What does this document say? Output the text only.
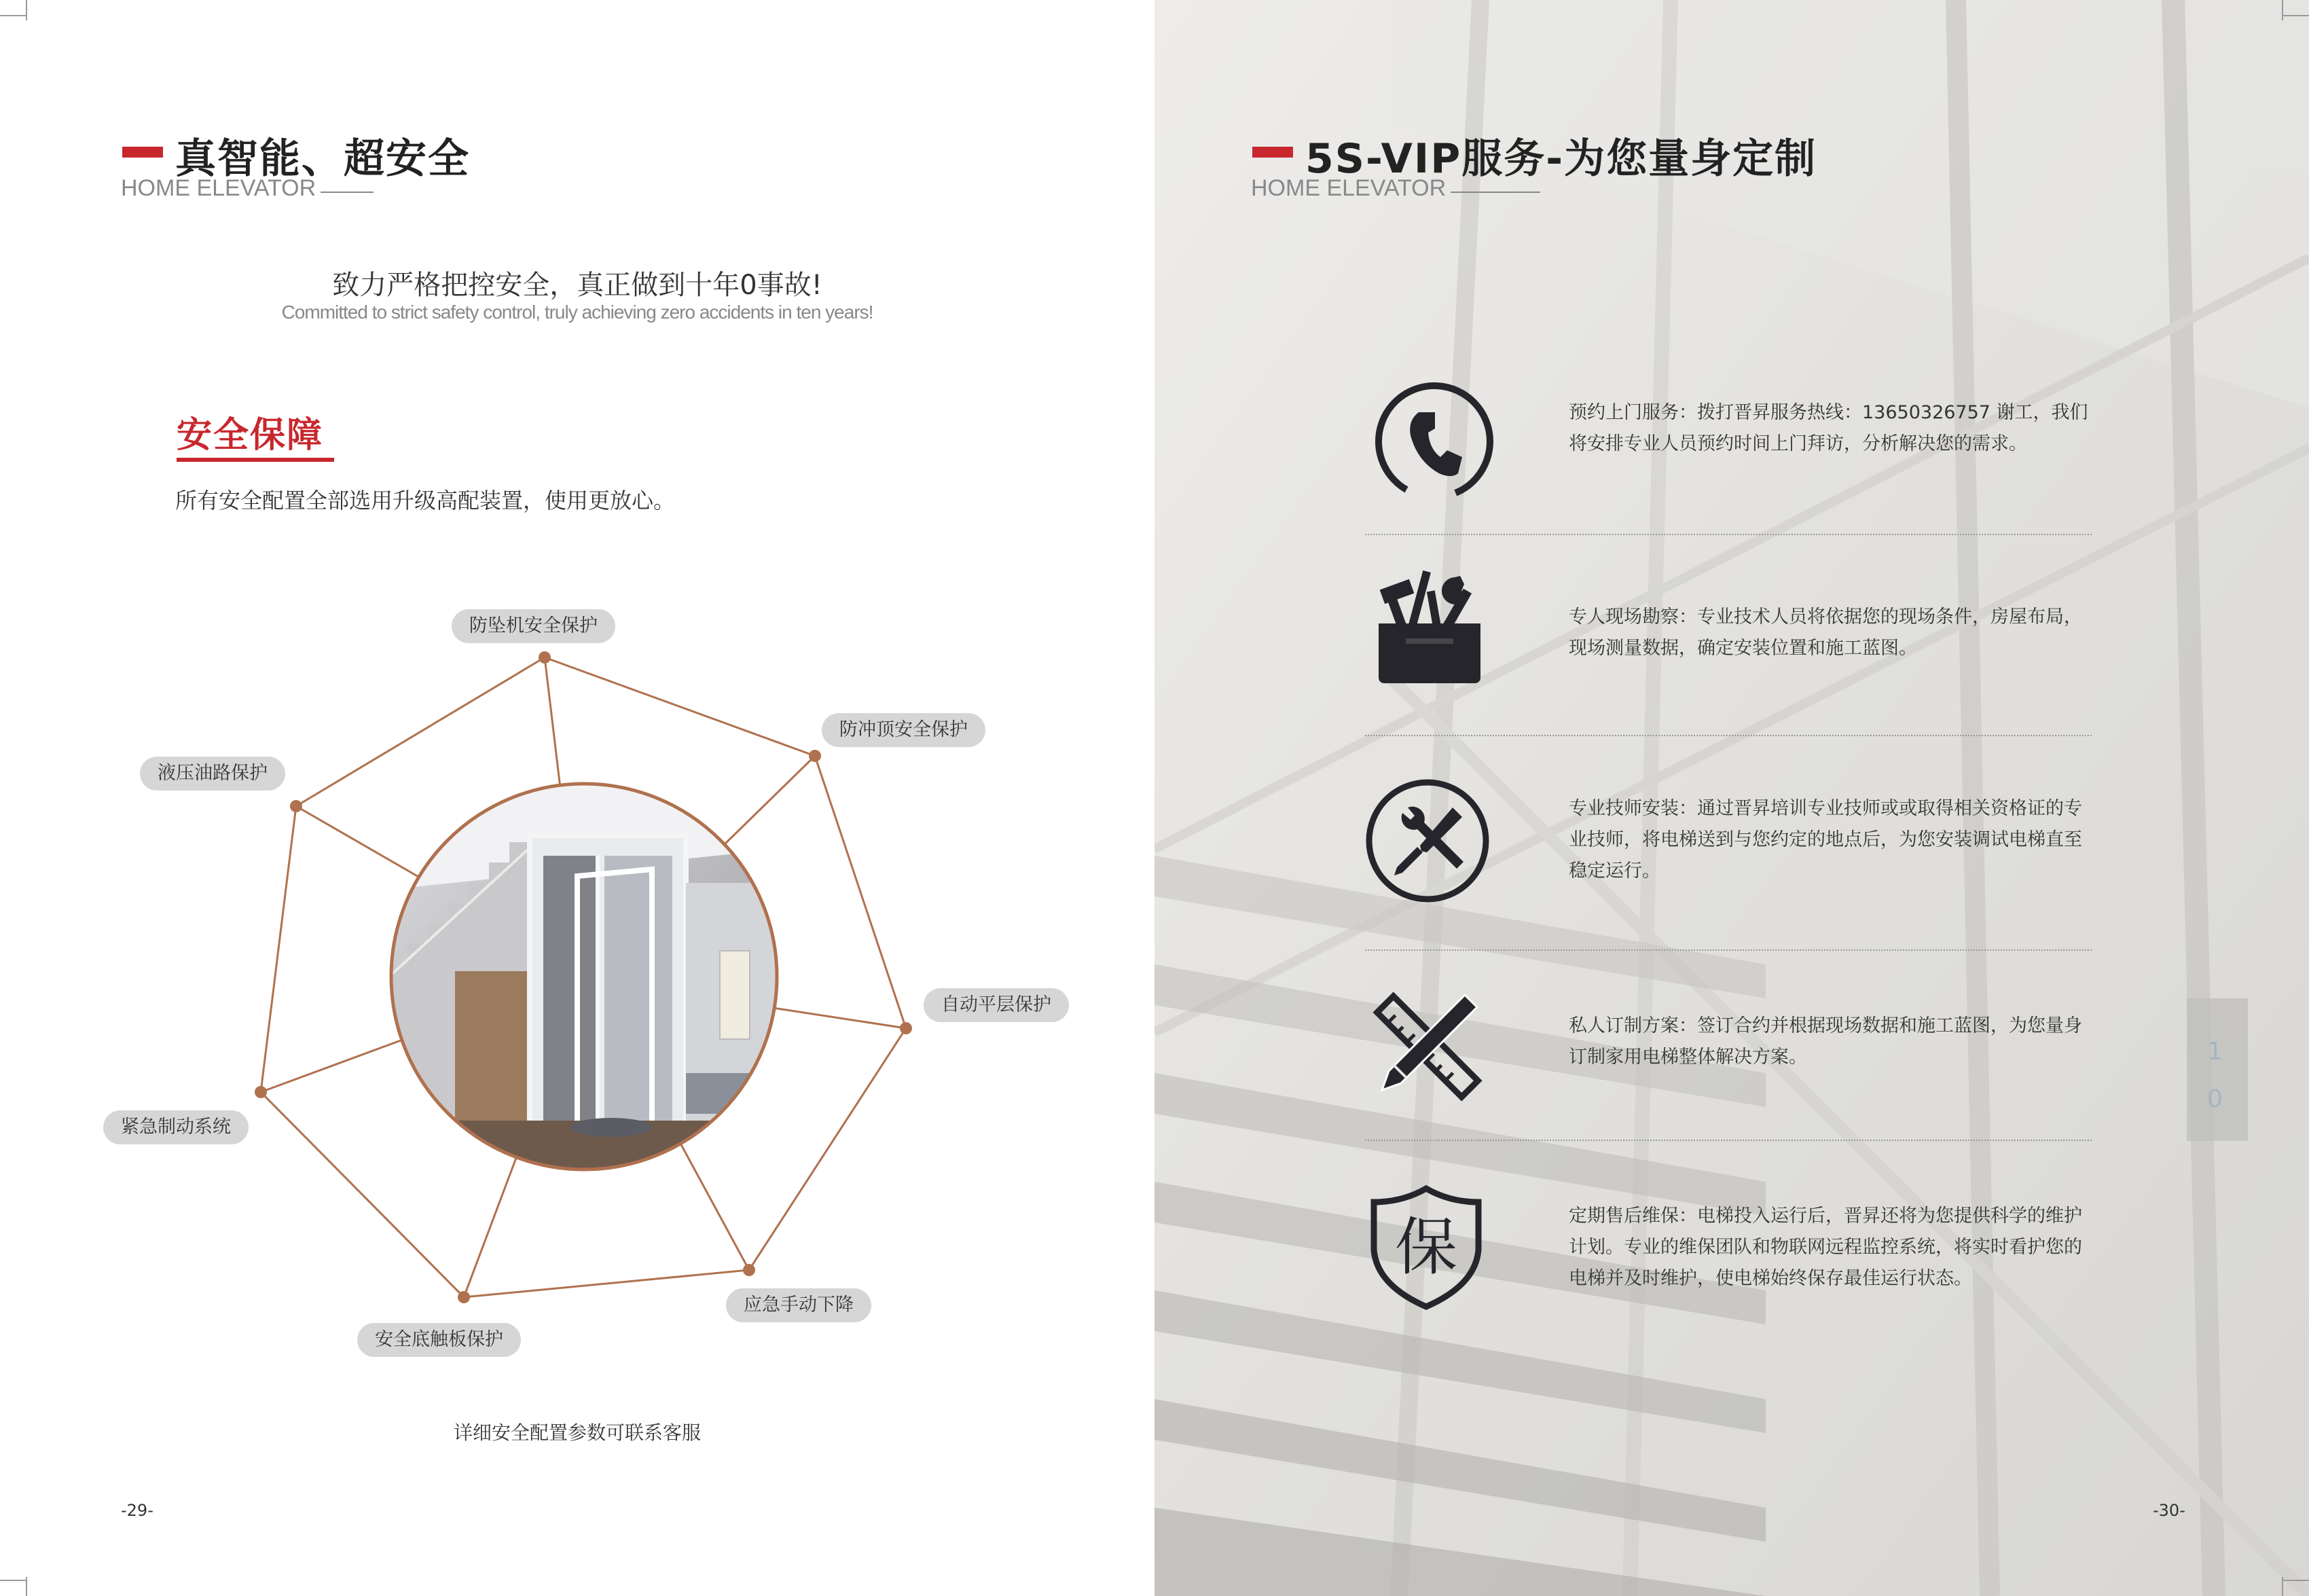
真智能、超安全
HOME ELEVATOR
致力严格把控安全，真正做到十年0事故!
Committed to strict safety control, truly achieving zero accidents in ten years!
安全保障
所有安全配置全部选用升级高配装置，使用更放心。
防坠机安全保护
防冲顶安全保护
自动平层保护
应急手动下降
安全底触板保护
紧急制动系统
液压油路保护
详细安全配置参数可联系客服
-29-
1
0
5S-VIP服务-为您量身定制
HOME ELEVATOR
预约上门服务：拨打晋昇服务热线：13650326757 谢工，我们将安排专业人员预约时间上门拜访，分析解决您的需求。
专人现场勘察：专业技术人员将依据您的现场条件，房屋布局，现场测量数据，确定安装位置和施工蓝图。
专业技师安装：通过晋昇培训专业技师或或取得相关资格证的专业技师，将电梯送到与您约定的地点后，为您安装调试电梯直至稳定运行。
私人订制方案：签订合约并根据现场数据和施工蓝图，为您量身订制家用电梯整体解决方案。
保	定期售后维保：电梯投入运行后，晋昇还将为您提供科学的维护计划。专业的维保团队和物联网远程监控系统，将实时看护您的电梯并及时维护，使电梯始终保存最佳运行状态。
-30-
